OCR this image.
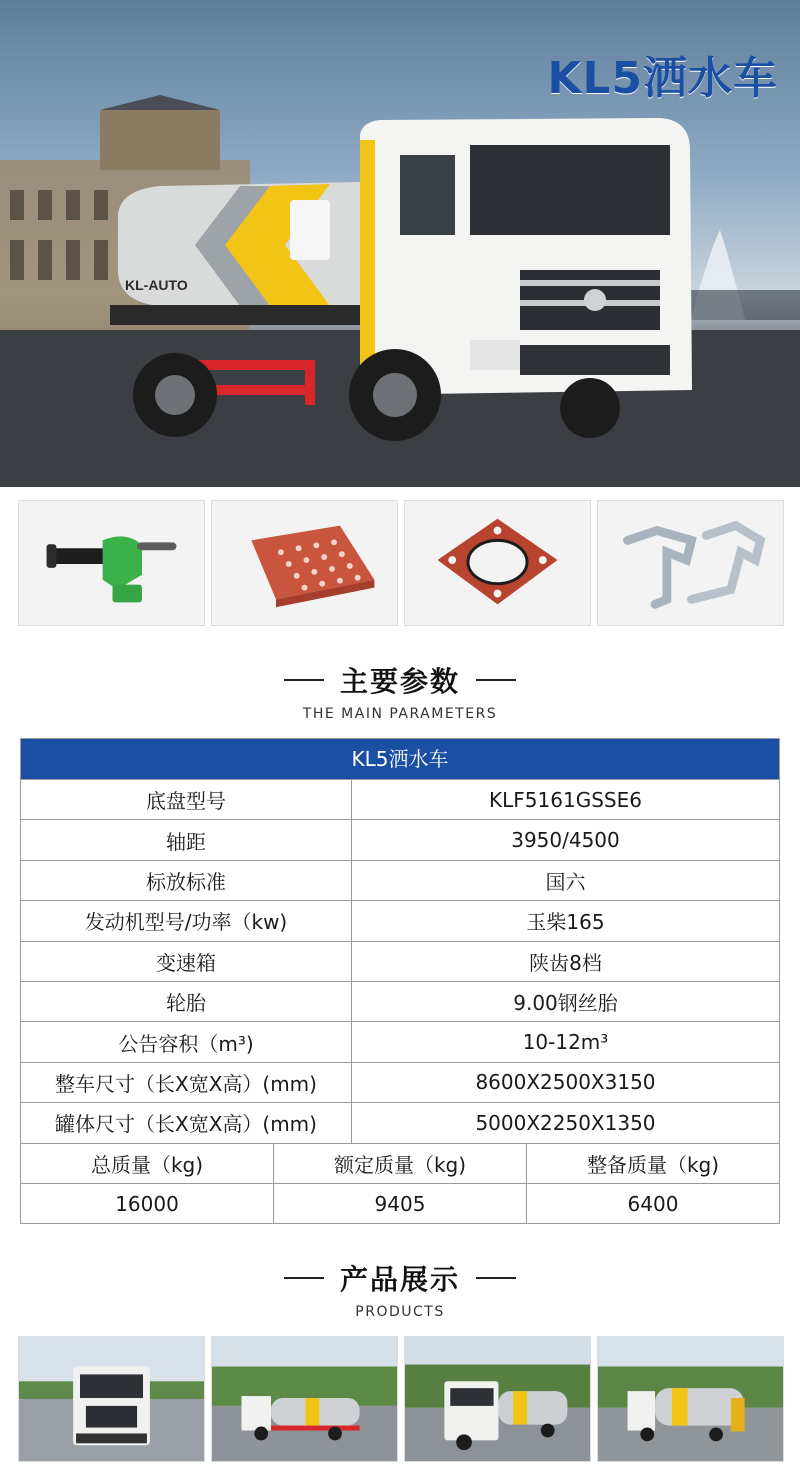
KL-AUTO
KL5洒水车
主要参数
THE MAIN PARAMETERS
KL5洒水车
底盘型号	KLF5161GSSE6
轴距	3950/4500
标放标准	国六
发动机型号/功率（kw)	玉柴165
变速箱	陕齿8档
轮胎	9.00钢丝胎
公告容积（m³)	10-12m³
整车尺寸（长X宽X高）(mm)	8600X2500X3150
罐体尺寸（长X宽X高）(mm)	5000X2250X1350
总质量（kg)	额定质量（kg)	整备质量（kg)
16000	9405	6400
产品展示
PRODUCTS
